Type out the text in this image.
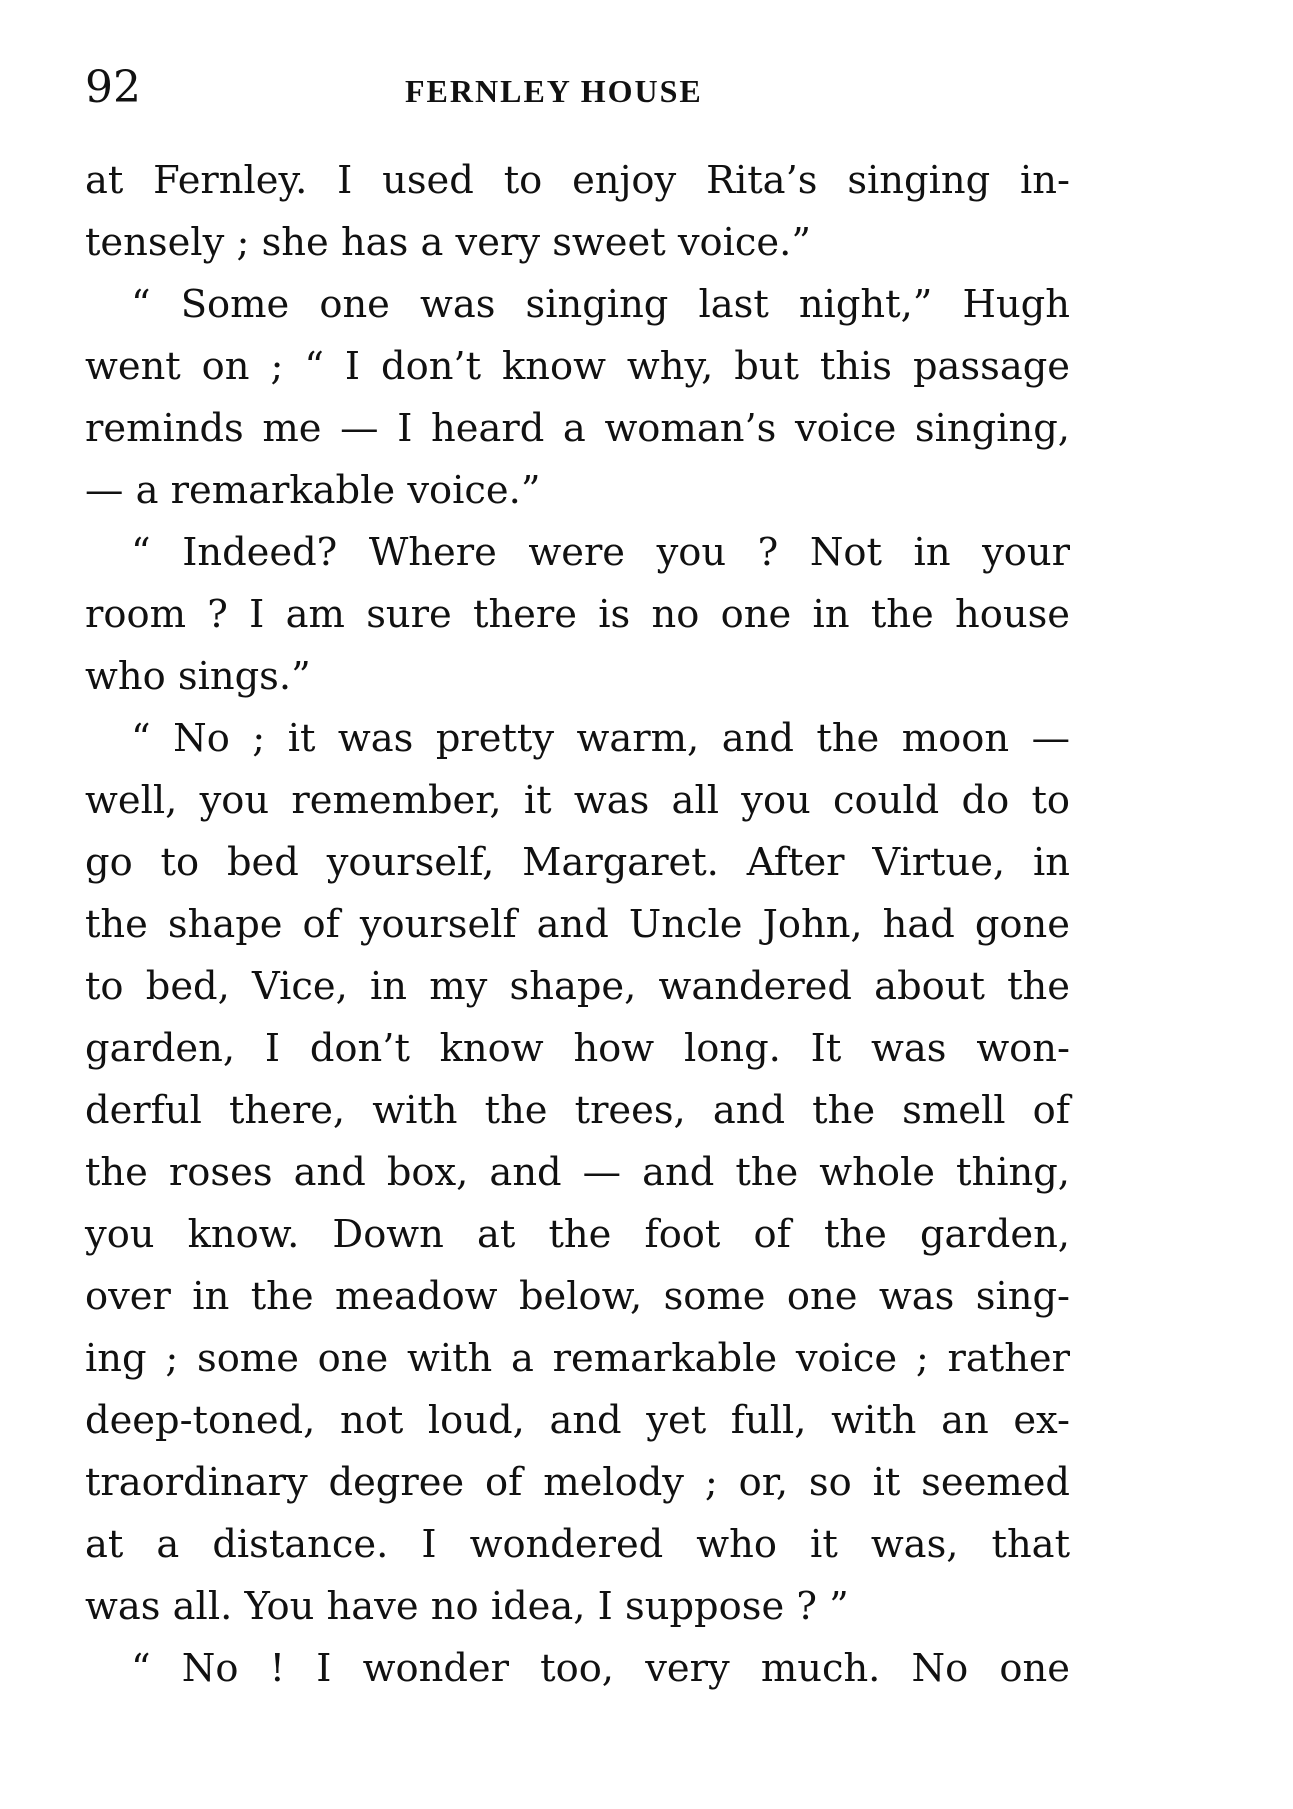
92	FERNLEY HOUSE
at Fernley. I used to enjoy Rita’s singing in-
tensely ; she has a very sweet voice.”
“ Some one was singing last night,” Hugh
went on ; “ I don’t know why, but this passage
reminds me — I heard a woman’s voice singing,
— a remarkable voice.”
“ Indeed? Where were you ? Not in your
room ? I am sure there is no one in the house
who sings.”
“ No ; it was pretty warm, and the moon —
well, you remember, it was all you could do to
go to bed yourself, Margaret. After Virtue, in
the shape of yourself and Uncle John, had gone
to bed, Vice, in my shape, wandered about the
garden, I don’t know how long. It was won-
derful there, with the trees, and the smell of
the roses and box, and — and the whole thing,
you know. Down at the foot of the garden,
over in the meadow below, some one was sing-
ing ; some one with a remarkable voice ; rather
deep-toned, not loud, and yet full, with an ex-
traordinary degree of melody ; or, so it seemed
at a distance. I wondered who it was, that
was all. You have no idea, I suppose ? ”
“ No ! I wonder too, very much. No one
